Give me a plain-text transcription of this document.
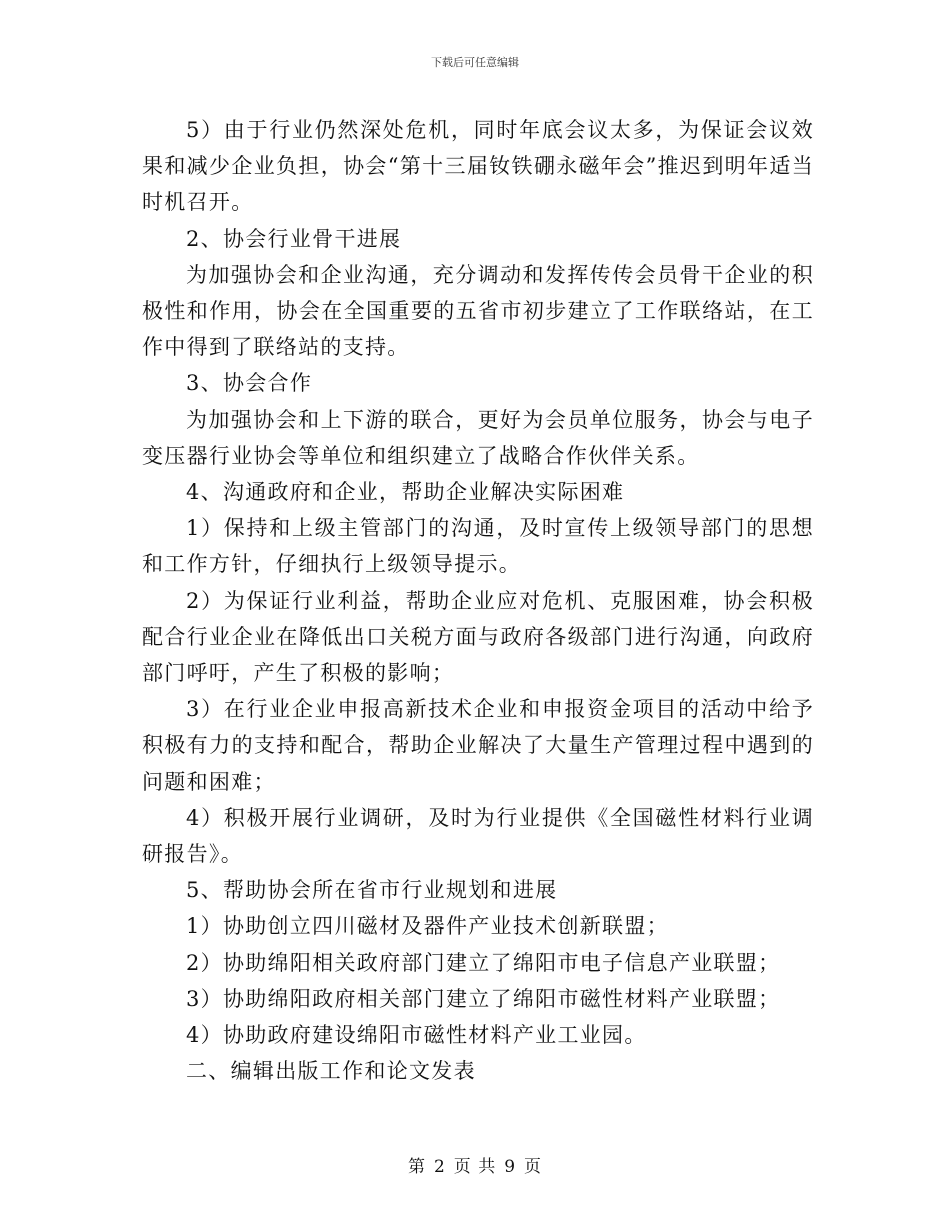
下载后可任意编辑

5）由于行业仍然深处危机，同时年底会议太多，为保证会议效果和减少企业负担，协会“第十三届钕铁硼永磁年会”推迟到明年适当时机召开。

2、协会行业骨干进展

为加强协会和企业沟通，充分调动和发挥传传会员骨干企业的积极性和作用，协会在全国重要的五省市初步建立了工作联络站，在工作中得到了联络站的支持。

3、协会合作

为加强协会和上下游的联合，更好为会员单位服务，协会与电子变压器行业协会等单位和组织建立了战略合作伙伴关系。

4、沟通政府和企业，帮助企业解决实际困难

1）保持和上级主管部门的沟通，及时宣传上级领导部门的思想和工作方针，仔细执行上级领导提示。

2）为保证行业利益，帮助企业应对危机、克服困难，协会积极配合行业企业在降低出口关税方面与政府各级部门进行沟通，向政府部门呼吁，产生了积极的影响；

3）在行业企业申报高新技术企业和申报资金项目的活动中给予积极有力的支持和配合，帮助企业解决了大量生产管理过程中遇到的问题和困难；

4）积极开展行业调研，及时为行业提供《全国磁性材料行业调研报告》。

5、帮助协会所在省市行业规划和进展

1）协助创立四川磁材及器件产业技术创新联盟；

2）协助绵阳相关政府部门建立了绵阳市电子信息产业联盟；

3）协助绵阳政府相关部门建立了绵阳市磁性材料产业联盟；

4）协助政府建设绵阳市磁性材料产业工业园。

二、编辑出版工作和论文发表

第 2 页 共 9 页
